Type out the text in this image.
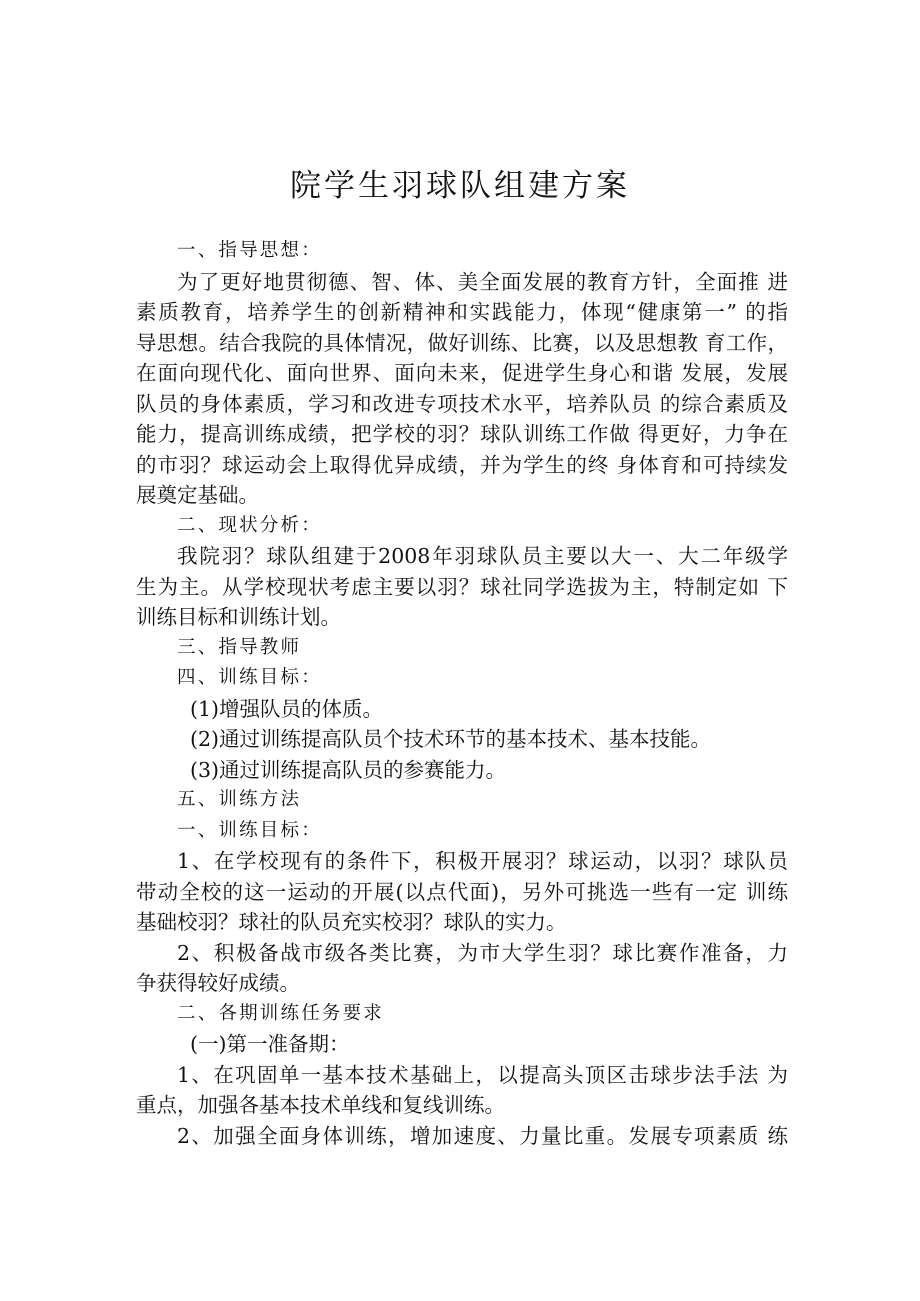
院学生羽球队组建方案
一、指导思想：
为了更好地贯彻德、智、体、美全面发展的教育方针，全面推 进
素质教育，培养学生的创新精神和实践能力，体现“健康第一” 的指
导思想。结合我院的具体情况，做好训练、比赛，以及思想教 育工作，
在面向现代化、面向世界、面向未来，促进学生身心和谐 发展，发展
队员的身体素质，学习和改进专项技术水平，培养队员 的综合素质及
能力，提高训练成绩，把学校的羽？球队训练工作做 得更好，力争在
的市羽？球运动会上取得优异成绩，并为学生的终 身体育和可持续发
展奠定基础。
二、现状分析：
我院羽？球队组建于2008年羽球队员主要以大一、大二年级学
生为主。从学校现状考虑主要以羽？球社同学选拔为主，特制定如 下
训练目标和训练计划。
三、指导教师
四、训练目标：
(1)增强队员的体质。
(2)通过训练提高队员个技术环节的基本技术、基本技能。
(3)通过训练提高队员的参赛能力。
五、训练方法
一、训练目标：
1、在学校现有的条件下，积极开展羽？球运动，以羽？球队员
带动全校的这一运动的开展(以点代面)，另外可挑选一些有一定 训练
基础校羽？球社的队员充实校羽？球队的实力。
2、积极备战市级各类比赛，为市大学生羽？球比赛作准备，力
争获得较好成绩。
二、各期训练任务要求
(一)第一准备期：
1、在巩固单一基本技术基础上，以提高头顶区击球步法手法 为
重点，加强各基本技术单线和复线训练。
2、加强全面身体训练，增加速度、力量比重。发展专项素质 练
